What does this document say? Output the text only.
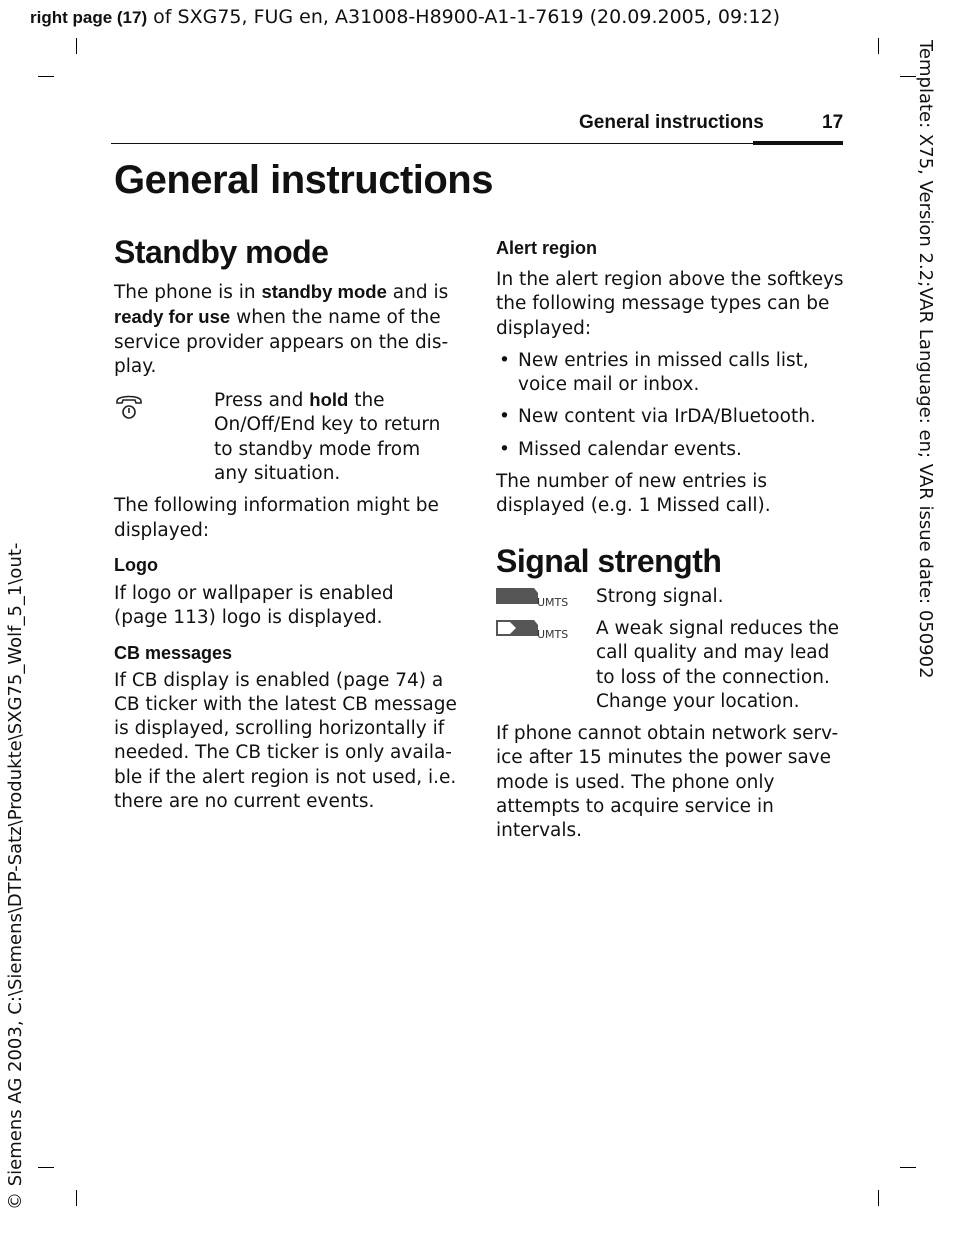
right page (17) of SXG75, FUG en, A31008-H8900-A1-1-7619 (20.09.2005, 09:12)
Template: X75, Version 2.2;VAR Language: en; VAR issue date: 050902
© Siemens AG 2003, C:\Siemens\DTP-Satz\Produkte\SXG75_Wolf_5_1\out-
General instructions	17
General instructions
Standby mode

The phone is in standby mode and is
ready for use when the name of the
service provider appears on the dis-
play.

Press and hold the
On/Off/End key to return
to standby mode from
any situation.

The following information might be
displayed:

Logo

If logo or wallpaper is enabled
(page 113) logo is displayed.

CB messages

If CB display is enabled (page 74) a
CB ticker with the latest CB message
is displayed, scrolling horizontally if
needed. The CB ticker is only availa-
ble if the alert region is not used, i.e.
there are no current events.

Alert region

In the alert region above the softkeys
the following message types can be
displayed:

• New entries in missed calls list,
voice mail or inbox.
• New content via IrDA/Bluetooth.
• Missed calendar events.

The number of new entries is
displayed (e.g. 1 Missed call).

Signal strength
UMTS Strong signal.

UMTS A weak signal reduces the
call quality and may lead
to loss of the connection.
Change your location.

If phone cannot obtain network serv-
ice after 15 minutes the power save
mode is used. The phone only
attempts to acquire service in
intervals.
